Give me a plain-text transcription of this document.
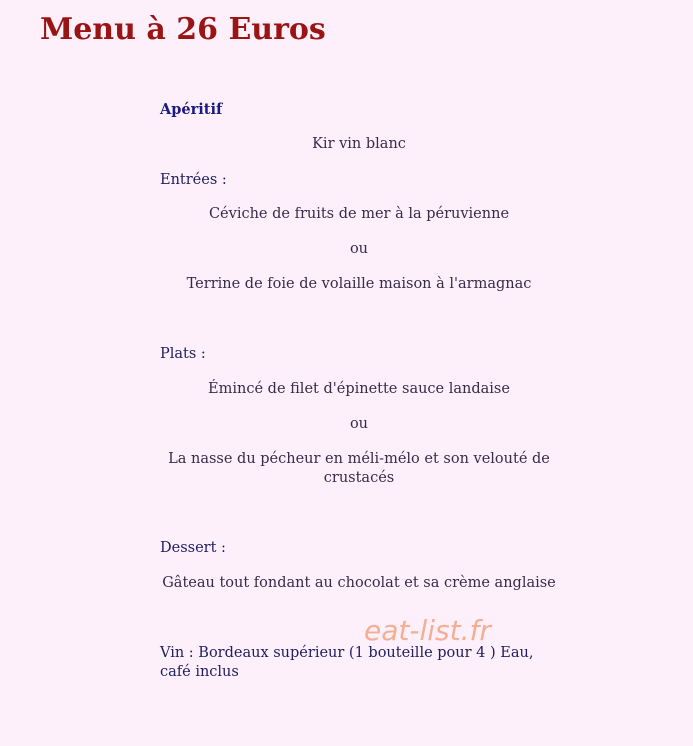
Menu à 26 Euros
Apéritif
Kir vin blanc
Entrées :
Céviche de fruits de mer à la péruvienne
ou
Terrine de foie de volaille maison à l'armagnac
Plats :
Émincé de filet d'épinette sauce landaise
ou
La nasse du pécheur en méli-mélo et son velouté de crustacés
Dessert :
Gâteau tout fondant au chocolat et sa crème anglaise
Vin : Bordeaux supérieur (1 bouteille pour 4 ) Eau, café inclus
eat-list.fr
